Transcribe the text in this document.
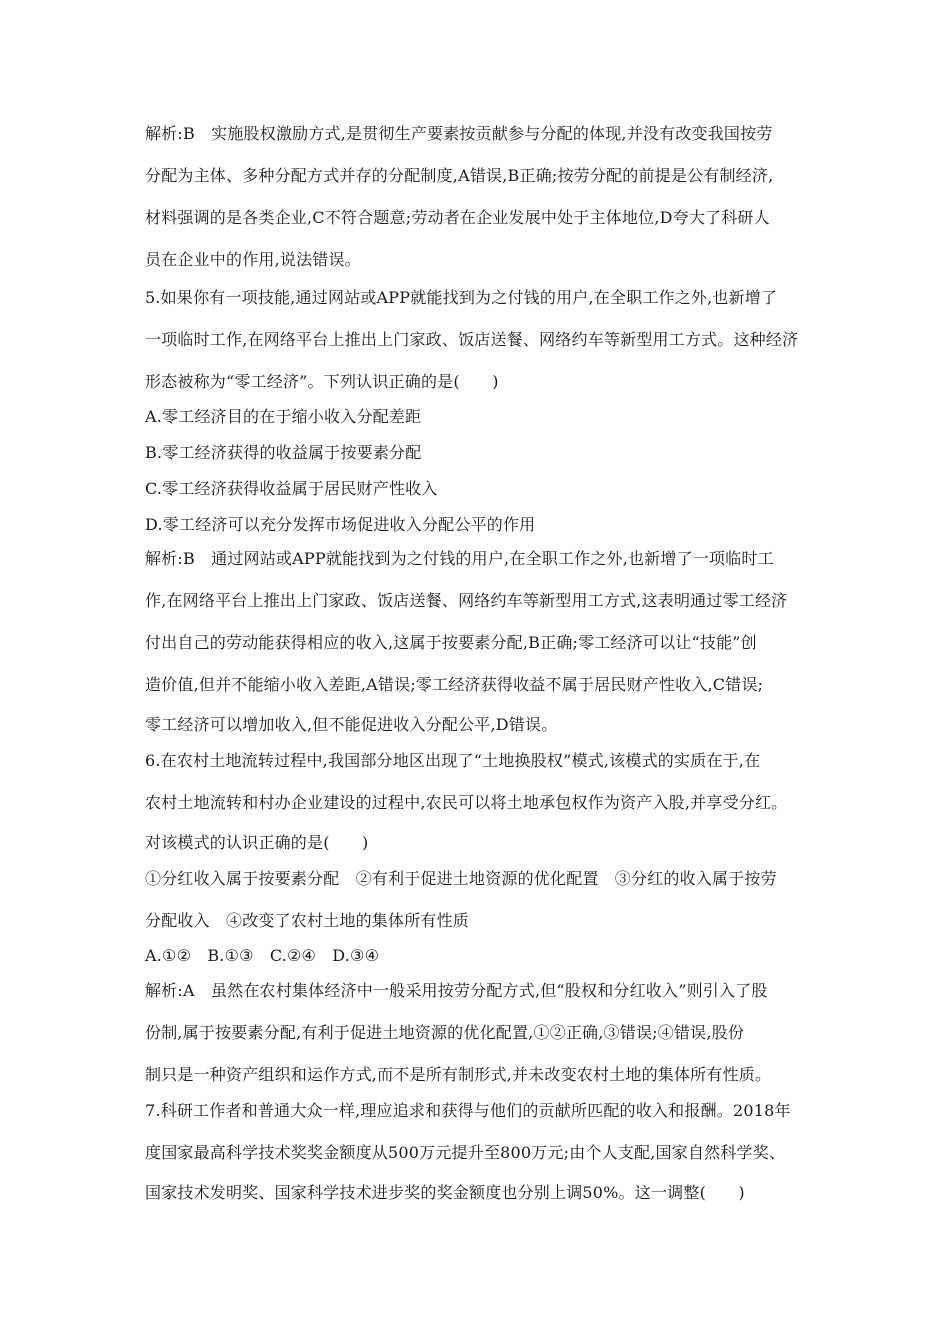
解析:B　实施股权激励方式,是贯彻生产要素按贡献参与分配的体现,并没有改变我国按劳
分配为主体、多种分配方式并存的分配制度,A错误,B正确;按劳分配的前提是公有制经济,
材料强调的是各类企业,C不符合题意;劳动者在企业发展中处于主体地位,D夸大了科研人
员在企业中的作用,说法错误。
5.如果你有一项技能,通过网站或APP就能找到为之付钱的用户,在全职工作之外,也新增了
一项临时工作,在网络平台上推出上门家政、饭店送餐、网络约车等新型用工方式。这种经济
形态被称为“零工经济”。下列认识正确的是(　　)
A.零工经济目的在于缩小收入分配差距
B.零工经济获得的收益属于按要素分配
C.零工经济获得收益属于居民财产性收入
D.零工经济可以充分发挥市场促进收入分配公平的作用
解析:B　通过网站或APP就能找到为之付钱的用户,在全职工作之外,也新增了一项临时工
作,在网络平台上推出上门家政、饭店送餐、网络约车等新型用工方式,这表明通过零工经济
付出自己的劳动能获得相应的收入,这属于按要素分配,B正确;零工经济可以让“技能”创
造价值,但并不能缩小收入差距,A错误;零工经济获得收益不属于居民财产性收入,C错误;
零工经济可以增加收入,但不能促进收入分配公平,D错误。
6.在农村土地流转过程中,我国部分地区出现了“土地换股权”模式,该模式的实质在于,在
农村土地流转和村办企业建设的过程中,农民可以将土地承包权作为资产入股,并享受分红。
对该模式的认识正确的是(　　)
①分红收入属于按要素分配　②有利于促进土地资源的优化配置　③分红的收入属于按劳
分配收入　④改变了农村土地的集体所有性质
A.①②　B.①③　C.②④　D.③④
解析:A　虽然在农村集体经济中一般采用按劳分配方式,但“股权和分红收入”则引入了股
份制,属于按要素分配,有利于促进土地资源的优化配置,①②正确,③错误;④错误,股份
制只是一种资产组织和运作方式,而不是所有制形式,并未改变农村土地的集体所有性质。
7.科研工作者和普通大众一样,理应追求和获得与他们的贡献所匹配的收入和报酬。2018年
度国家最高科学技术奖奖金额度从500万元提升至800万元;由个人支配,国家自然科学奖、
国家技术发明奖、国家科学技术进步奖的奖金额度也分别上调50%。这一调整(　　)
